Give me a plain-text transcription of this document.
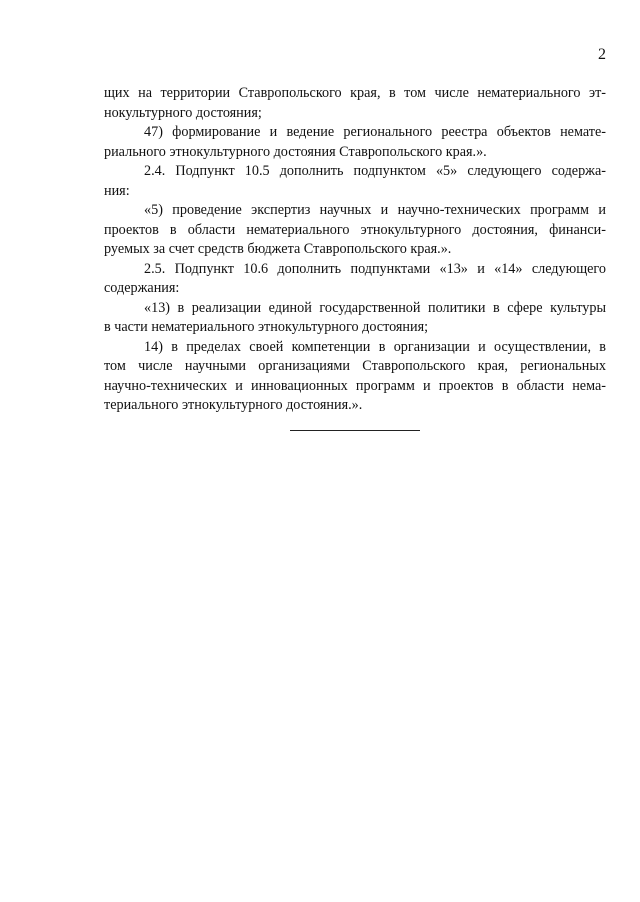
2
щих на территории Ставропольского края, в том числе нематериального эт-
нокультурного достояния;
47) формирование и ведение регионального реестра объектов немате-
риального этнокультурного достояния Ставропольского края.».
2.4. Подпункт 10.5 дополнить подпунктом «5» следующего содержа-
ния:
«5) проведение экспертиз научных и научно-технических программ и
проектов в области нематериального этнокультурного достояния, финанси-
руемых за счет средств бюджета Ставропольского края.».
2.5. Подпункт 10.6 дополнить подпунктами «13» и «14» следующего
содержания:
«13) в реализации единой государственной политики в сфере культуры
в части нематериального этнокультурного достояния;
14) в пределах своей компетенции в организации и осуществлении, в
том числе научными организациями Ставропольского края, региональных
научно-технических и инновационных программ и проектов в области нема-
териального этнокультурного достояния.».
